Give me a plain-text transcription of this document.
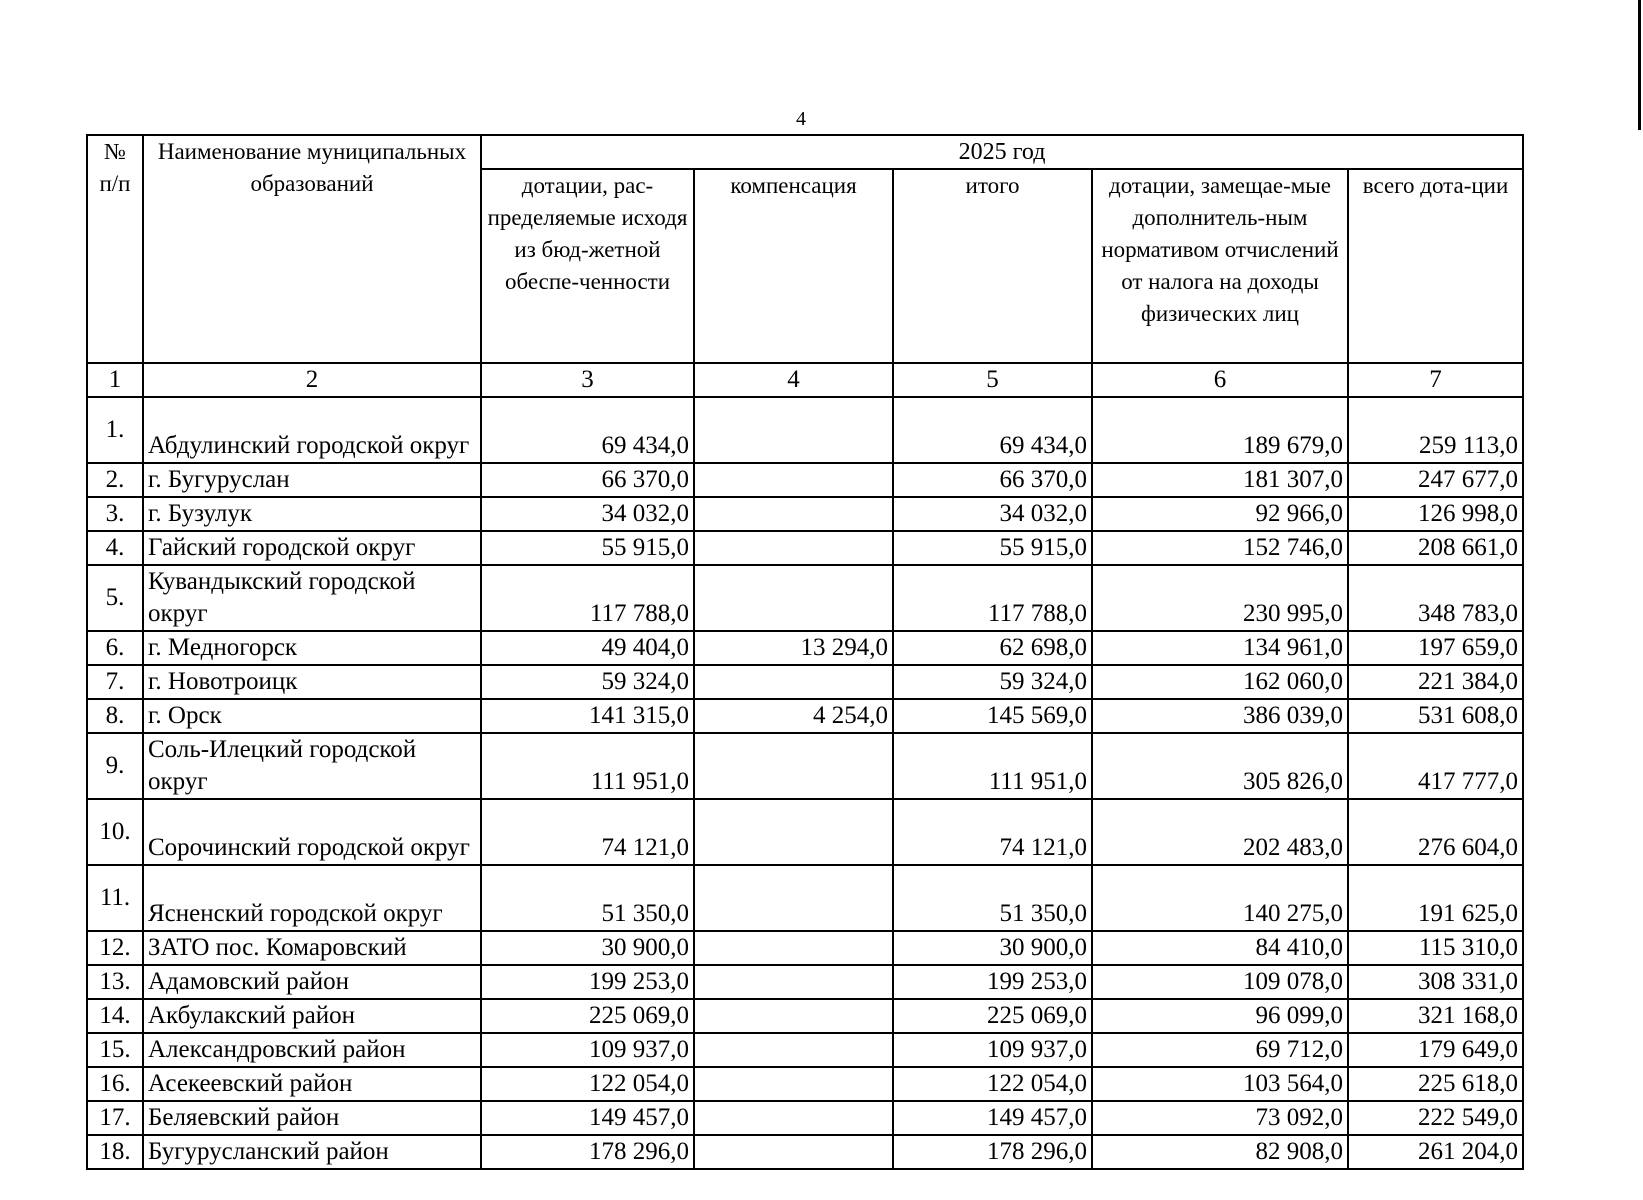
4
№ п/п	Наименование муниципальных образований	2025 год				
		дотации, рас-пределяемые исходя из бюд-жетной обеспе-ченности	компенсация	итого	дотации, замещае-мые дополнитель-ным нормативом отчислений от налога на доходы физических лиц	всего дота-ции
1	2	3	4	5	6	7
1.	Абдулинский городской округ	69 434,0		69 434,0	189 679,0	259 113,0
2.	г. Бугуруслан	66 370,0		66 370,0	181 307,0	247 677,0
3.	г. Бузулук	34 032,0		34 032,0	92 966,0	126 998,0
4.	Гайский городской округ	55 915,0		55 915,0	152 746,0	208 661,0
5.	Кувандыкский городской округ	117 788,0		117 788,0	230 995,0	348 783,0
6.	г. Медногорск	49 404,0	13 294,0	62 698,0	134 961,0	197 659,0
7.	г. Новотроицк	59 324,0		59 324,0	162 060,0	221 384,0
8.	г. Орск	141 315,0	4 254,0	145 569,0	386 039,0	531 608,0
9.	Соль-Илецкий городской округ	111 951,0		111 951,0	305 826,0	417 777,0
10.	Сорочинский городской округ	74 121,0		74 121,0	202 483,0	276 604,0
11.	Ясненский городской округ	51 350,0		51 350,0	140 275,0	191 625,0
12.	ЗАТО пос. Комаровский	30 900,0		30 900,0	84 410,0	115 310,0
13.	Адамовский район	199 253,0		199 253,0	109 078,0	308 331,0
14.	Акбулакский район	225 069,0		225 069,0	96 099,0	321 168,0
15.	Александровский район	109 937,0		109 937,0	69 712,0	179 649,0
16.	Асекеевский район	122 054,0		122 054,0	103 564,0	225 618,0
17.	Беляевский район	149 457,0		149 457,0	73 092,0	222 549,0
18.	Бугурусланский район	178 296,0		178 296,0	82 908,0	261 204,0
